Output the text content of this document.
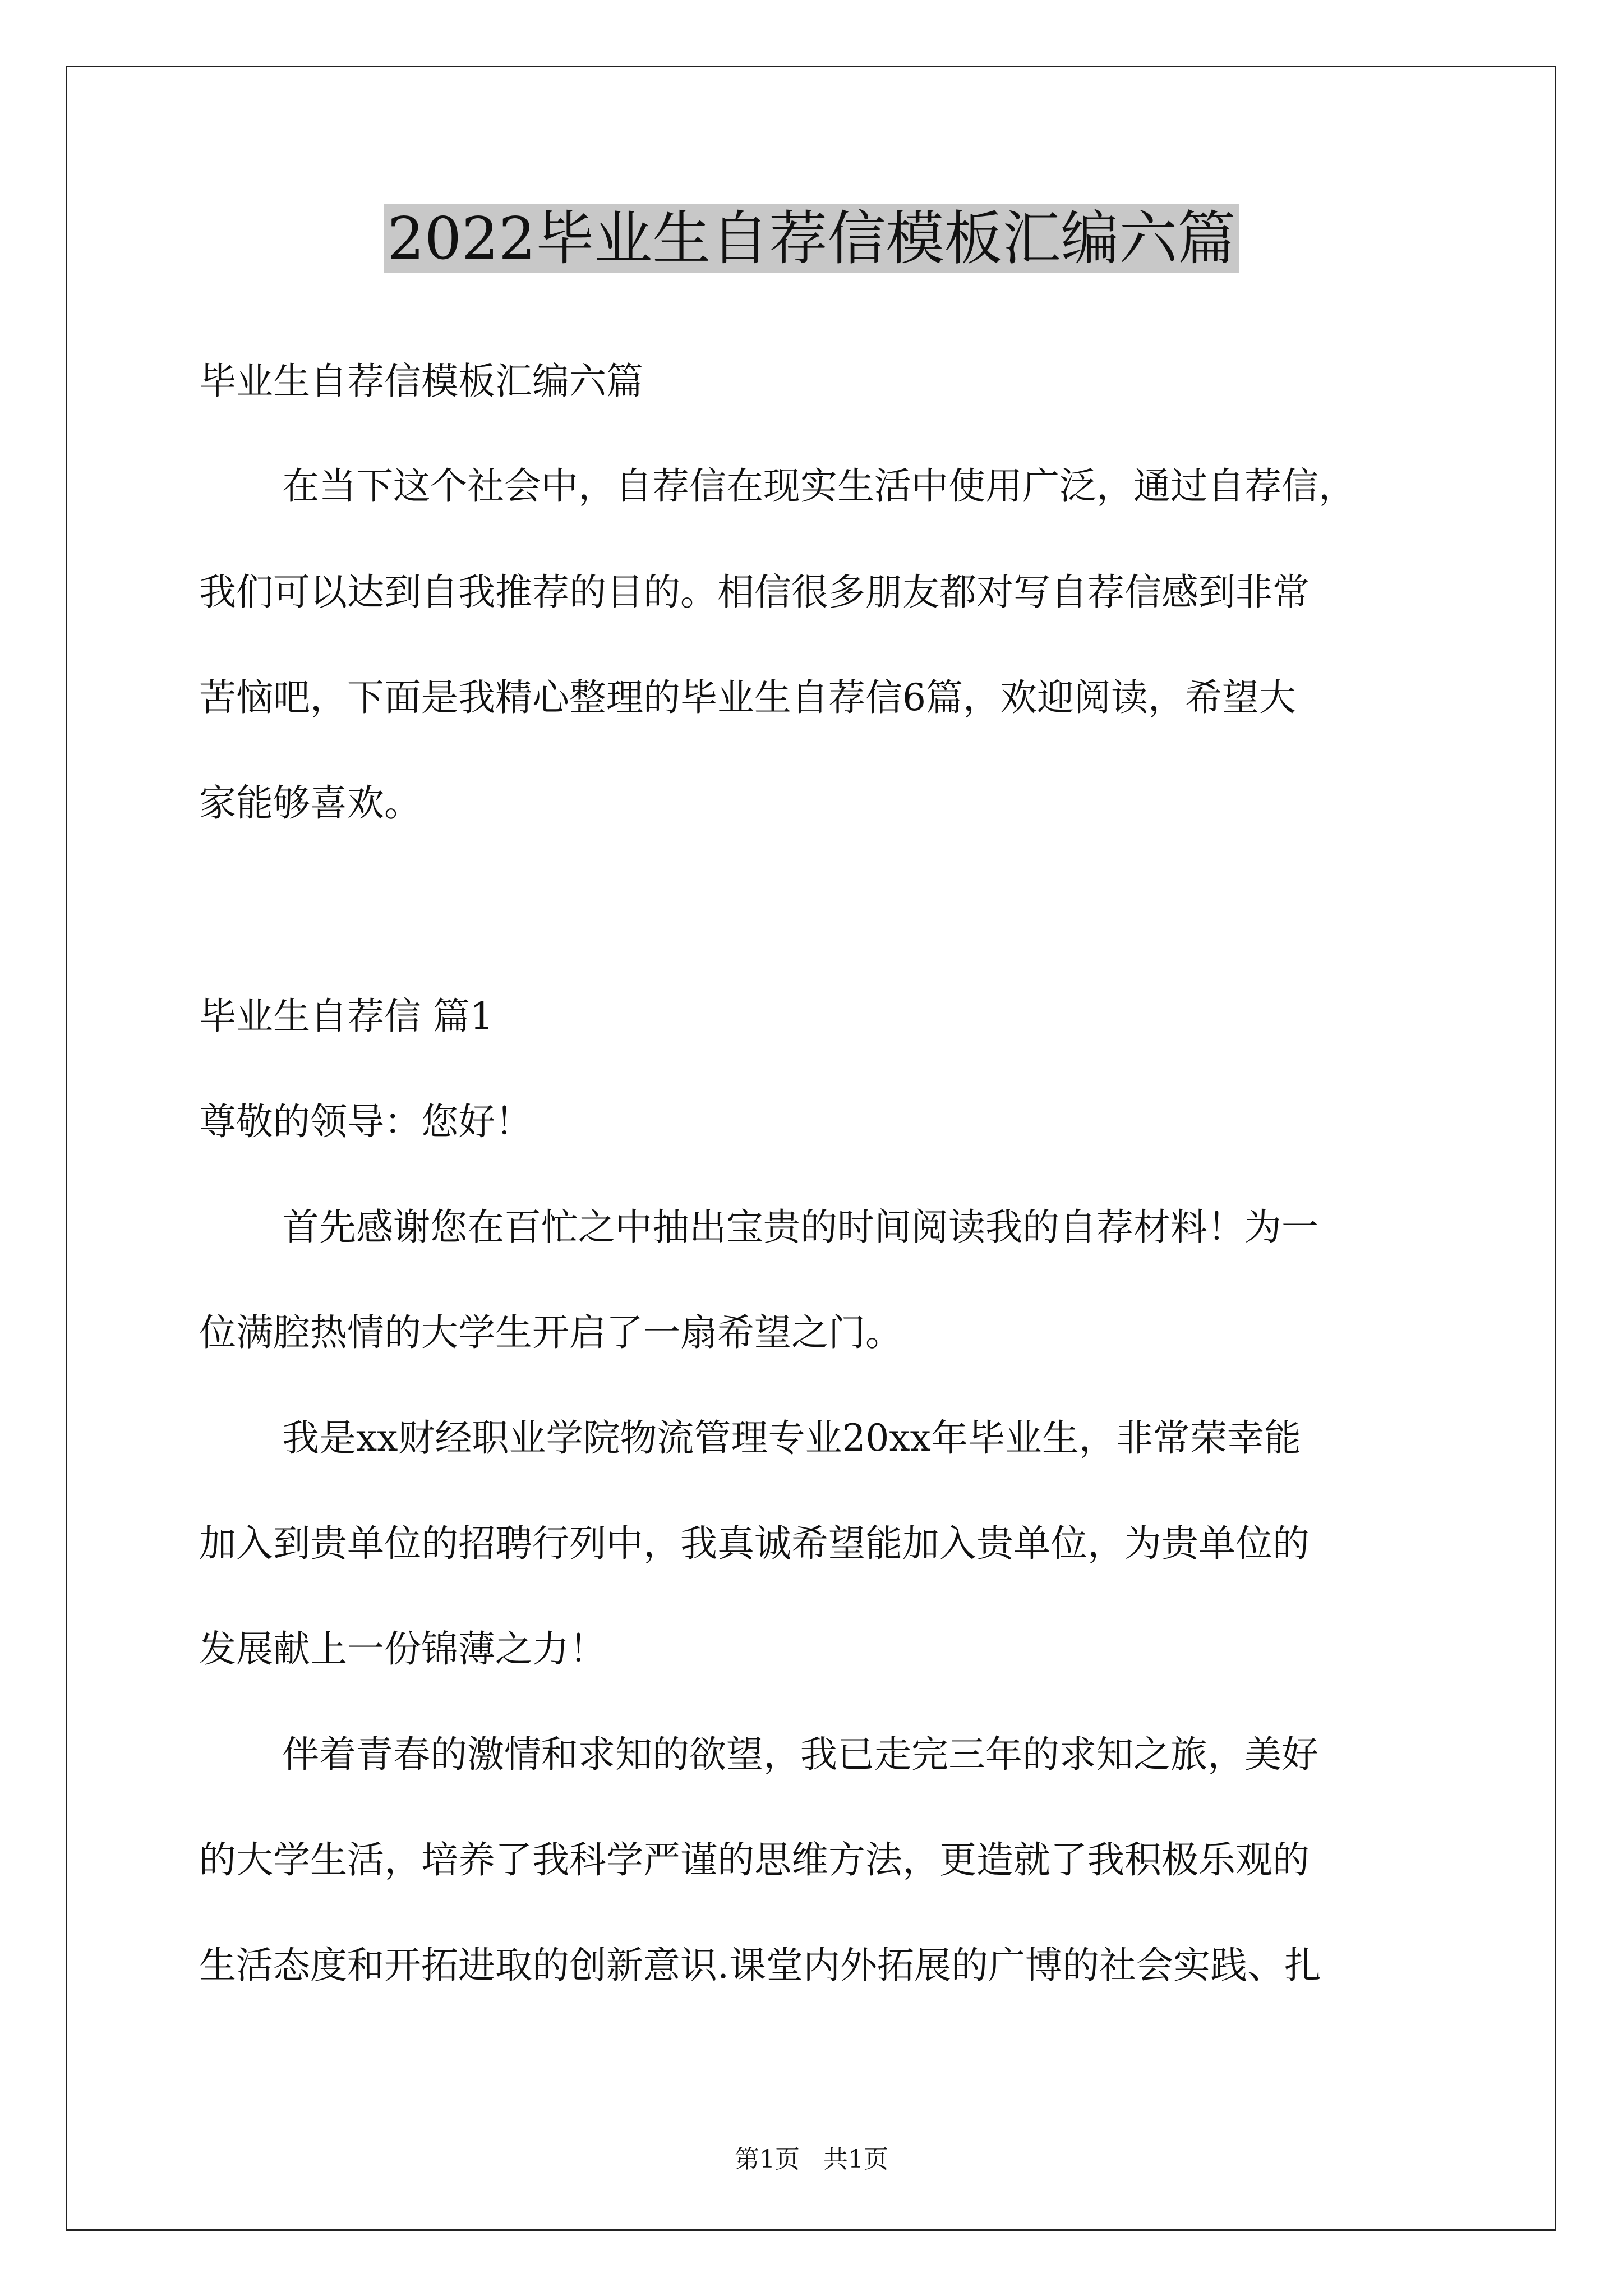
2022毕业生自荐信模板汇编六篇
毕业生自荐信模板汇编六篇
在当下这个社会中，自荐信在现实生活中使用广泛，通过自荐信，
我们可以达到自我推荐的目的。相信很多朋友都对写自荐信感到非常
苦恼吧，下面是我精心整理的毕业生自荐信6篇，欢迎阅读，希望大
家能够喜欢。
毕业生自荐信 篇1
尊敬的领导：您好！
首先感谢您在百忙之中抽出宝贵的时间阅读我的自荐材料！为一
位满腔热情的大学生开启了一扇希望之门。
我是xx财经职业学院物流管理专业20xx年毕业生，非常荣幸能
加入到贵单位的招聘行列中，我真诚希望能加入贵单位，为贵单位的
发展献上一份锦薄之力！
伴着青春的激情和求知的欲望，我已走完三年的求知之旅，美好
的大学生活，培养了我科学严谨的思维方法，更造就了我积极乐观的
生活态度和开拓进取的创新意识.课堂内外拓展的广博的社会实践、扎
第1页   共1页
